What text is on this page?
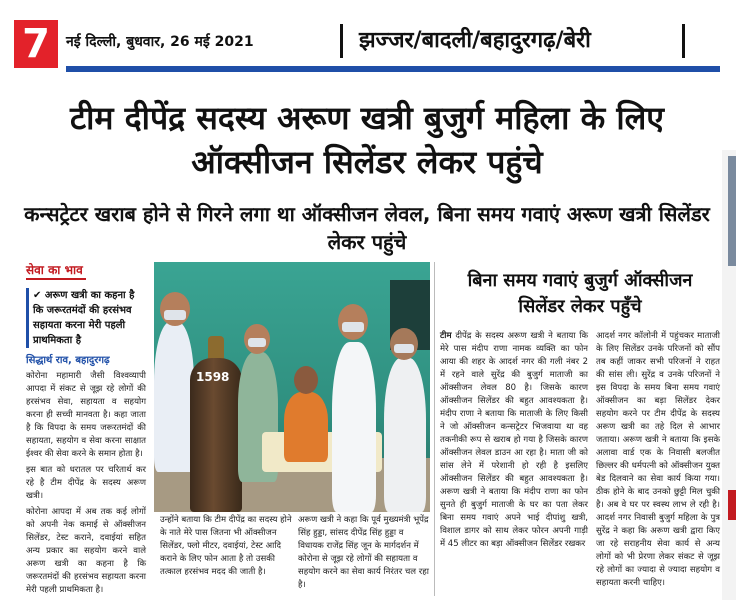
7	नई दिल्ली, बुधवार, 26 मई 2021	झज्जर/बादली/बहादुरगढ़/बेरी
टीम दीपेंद्र सदस्य अरूण खत्री बुजुर्ग महिला के लिए ऑक्सीजन सिलेंडर लेकर पहुंचे
कन्सट्रेटर खराब होने से गिरने लगा था ऑक्सीजन लेवल, बिना समय गवाएं अरूण खत्री सिलेंडर लेकर पहुंचे
सेवा का भाव
✔ अरूण खत्री का कहना है कि जरूरतमंदों की हरसंभव सहायता करना मेरी पहली प्राथमिकता है
सिद्धार्थ राव, बहादुरगढ़

कोरोना महामारी जैसी विश्वव्यापी आपदा में संकट से जूझ रहे लोगों की हरसंभव सेवा, सहायता व सहयोग करना ही सच्ची मानवता है। कहा जाता है कि विपदा के समय जरूरतमंदों की सहायता, सहयोग व सेवा करना साक्षात ईश्वर की सेवा करने के समान होता है।

इस बात को धरातल पर चरितार्थ कर रहे है टीम दीपेंद्र के सदस्य अरूण खत्री।

कोरोना आपदा में अब तक कई लोगों को अपनी नेक कमाई से ऑक्सीजन सिलेंडर, टेस्ट कराने, दवाईयां सहित अन्य प्रकार का सहयोग करने वाले अरूण खत्री का कहना है कि जरूरतमंदों की हरसंभव सहायता करना मेरी पहली प्राथमिकता है।

1598
उन्होंने बताया कि टीम दीपेंद्र का सदस्य होने के नाते मेरे पास जितना भी ऑक्सीजन सिलेंडर, फ्लो मीटर, दवाईयां, टेस्ट आदि कराने के लिए फोन आता है तो उसकी तत्काल हरसंभव मदद की जाती है।
अरूण खत्री ने कहा कि पूर्व मुख्यमंत्री भूपेंद्र सिंह हुड्डा, सांसद दीपेंद्र सिंह हुड्डा व विधायक राजेंद्र सिंह जून के मार्गदर्शन में कोरोना से जूझ रहे लोगों की सहायता व सहयोग करने का सेवा कार्य निरंतर चल रहा है।
बिना समय गवाएं बुजुर्ग ऑक्सीजन सिलेंडर लेकर पहुँचे
टीम दीपेंद्र के सदस्य अरूण खत्री ने बताया कि मेरे पास मंदीप राणा नामक व्यक्ति का फोन आया की शहर के आदर्श नगर की गली नंबर 2 में रहने वाले सुरेंद्र की बुजुर्ग माताजी का ऑक्सीजन लेवल 80 है। जिसके कारण ऑक्सीजन सिलेंडर की बहुत आवश्यकता है। मंदीप राणा ने बताया कि माताजी के लिए किसी ने जो ऑक्सीजन कन्सट्रेटर भिजवाया था वह तकनीकी रूप से खराब हो गया है जिसके कारण ऑक्सीजन लेवल डाउन आ रहा है। माता जी को सांस लेने में परेशानी हो रही है इसलिए ऑक्सीजन सिलेंडर की बहुत आवश्यकता है। अरूण खत्री ने बताया कि मंदीप राणा का फोन सुनते ही बुजुर्ग माताजी के घर का पता लेकर बिना समय गवाएं अपने भाई दीपांशु खत्री, विशाल डागर को साथ लेकर फोरन अपनी गाड़ी में 45 लीटर का बड़ा ऑक्सीजन सिलेंडर रखकर
आदर्श नगर कॉलोनी में पहुंचकर माताजी के लिए सिलेंडर उनके परिजनों को सौंप तब कहीं जाकर सभी परिजनों ने राहत की सांस ली। सुरेंद्र व उनके परिजनों ने इस विपदा के समय बिना समय गवाएं ऑक्सीजन का बड़ा सिलेंडर देकर सहयोग करने पर टीम दीपेंद्र के सदस्य अरूण खत्री का तहे दिल से आभार जताया। अरूण खत्री ने बताया कि इसके अलावा वार्ड एक के निवासी बलजीत छिल्लर की धर्मपत्नी को ऑक्सीजन युक्त बेड दिलवाने का सेवा कार्य किया गया। ठीक होने के बाद उनको छुट्टी मिल चुकी है। अब वे घर पर स्वस्थ लाभ ले रही है। आदर्श नगर निवासी बुजुर्ग महिला के पुत्र सुरेंद्र ने कहा कि अरूण खत्री द्वारा किए जा रहे सराहनीय सेवा कार्य से अन्य लोगों को भी प्रेरणा लेकर संकट से जूझ रहे लोगों का ज्यादा से ज्यादा सहयोग व सहायता करनी चाहिए।
